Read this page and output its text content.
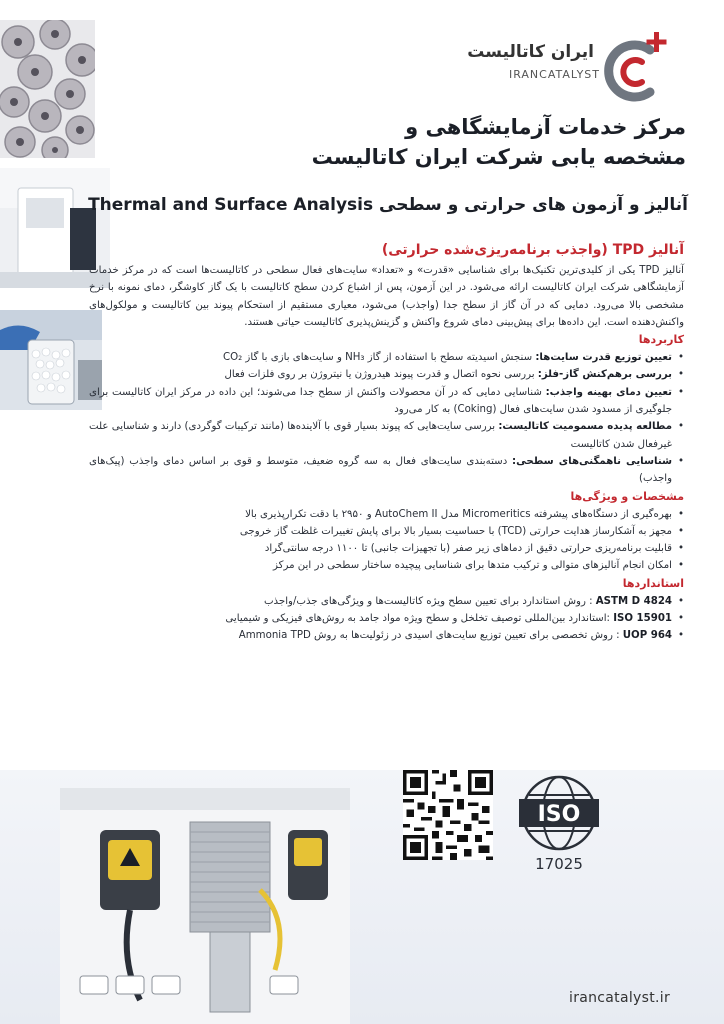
ایران کاتالیست
IRANCATALYST
مرکز خدمات آزمایشگاهی و
مشخصه یابی شرکت ایران کاتالیست
Thermal and Surface Analysis آنالیز و آزمون های حرارتی و سطحی
آنالیز TPD (واجذب برنامه‌ریزی‌شده حرارتی)

آنالیز TPD یکی از کلیدی‌ترین تکنیک‌ها برای شناسایی «قدرت» و «تعداد» سایت‌های فعال سطحی در کاتالیست‌ها است که در مرکز خدمات آزمایشگاهی شرکت ایران کاتالیست ارائه می‌شود. در این آزمون، پس از اشباع کردن سطح کاتالیست با یک گاز کاوشگر، دمای نمونه با نرخ مشخصی بالا می‌رود. دمایی که در آن گاز از سطح جدا (واجذب) می‌شود، معیاری مستقیم از استحکام پیوند بین کاتالیست و مولکول‌های واکنش‌دهنده است. این داده‌ها برای پیش‌بینی دمای شروع واکنش و گزینش‌پذیری کاتالیست حیاتی هستند.

کاربردها
• تعیین توزیع قدرت سایت‌ها: سنجش اسیدیته سطح با استفاده از گاز NH₃ و سایت‌های بازی با گاز CO₂
• بررسی برهم‌کنش گاز-فلز: بررسی نحوه اتصال و قدرت پیوند هیدروژن یا نیتروژن بر روی فلزات فعال
• تعیین دمای بهینه واجذب: شناسایی دمایی که در آن محصولات واکنش از سطح جدا می‌شوند؛ این داده در مرکز ایران کاتالیست برای جلوگیری از مسدود شدن سایت‌های فعال (Coking) به کار می‌رود
• مطالعه پدیده مسمومیت کاتالیست: بررسی سایت‌هایی که پیوند بسیار قوی با آلاینده‌ها (مانند ترکیبات گوگردی) دارند و شناسایی علت غیرفعال شدن کاتالیست
• شناسایی ناهمگنی‌های سطحی: دسته‌بندی سایت‌های فعال به سه گروه ضعیف، متوسط و قوی بر اساس دمای واجذب (پیک‌های واجذب)
مشخصات و ویژگی‌ها
• بهره‌گیری از دستگاه‌های پیشرفته Micromeritics مدل AutoChem II و ۲۹۵۰ با دقت تکرارپذیری بالا
• مجهز به آشکارساز هدایت حرارتی (TCD) با حساسیت بسیار بالا برای پایش تغییرات غلظت گاز خروجی
• قابلیت برنامه‌ریزی حرارتی دقیق از دماهای زیر صفر (با تجهیزات جانبی) تا ۱۱۰۰ درجه سانتی‌گراد
• امکان انجام آنالیزهای متوالی و ترکیب متدها برای شناسایی پیچیده ساختار سطحی در این مرکز
استانداردها
• ASTM D 4824 : روش استاندارد برای تعیین سطح ویژه کاتالیست‌ها و ویژگی‌های جذب/واجذب
• ISO 15901 :استاندارد بین‌المللی توصیف تخلخل و سطح ویژه مواد جامد به روش‌های فیزیکی و شیمیایی
• UOP 964 : روش تخصصی برای تعیین توزیع سایت‌های اسیدی در زئولیت‌ها به روش Ammonia TPD
ISO
17025
irancatalyst.ir
